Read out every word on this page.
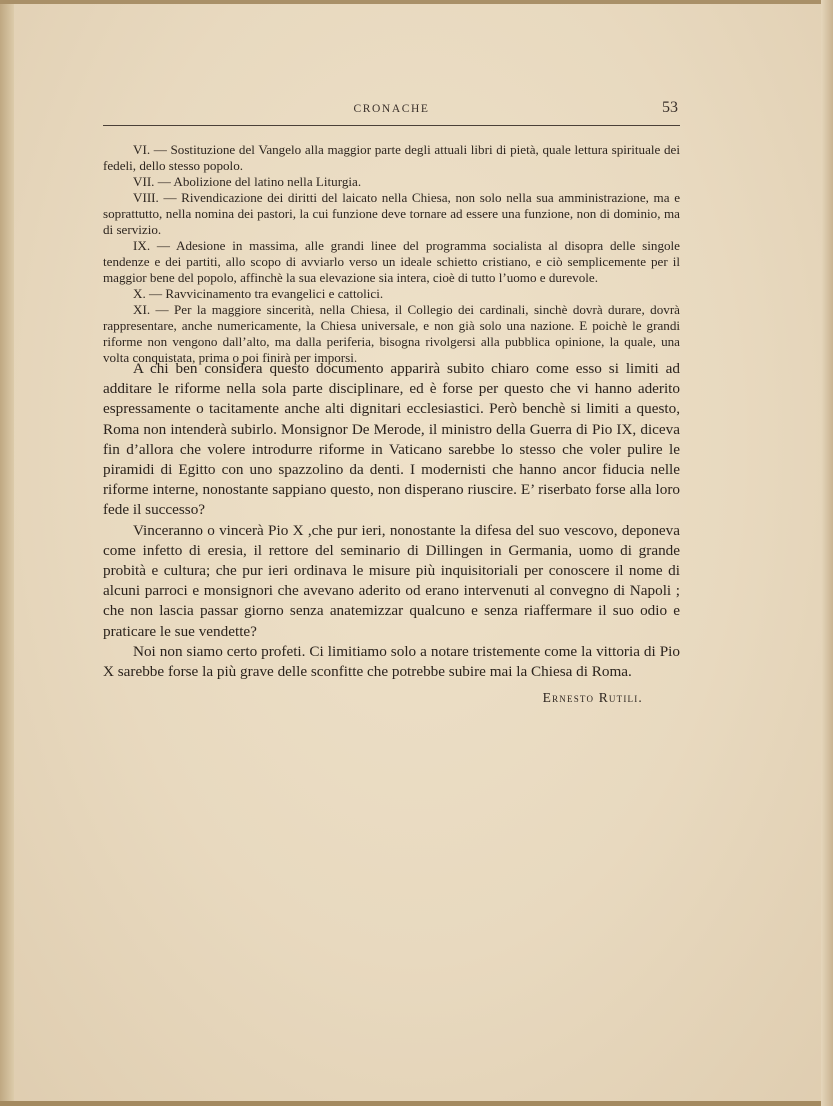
CRONACHE	53

VI. — Sostituzione del Vangelo alla maggior parte degli attuali libri di pietà, quale lettura spirituale dei fedeli, dello stesso popolo.

VII. — Abolizione del latino nella Liturgia.

VIII. — Rivendicazione dei diritti del laicato nella Chiesa, non solo nella sua amministrazione, ma e soprattutto, nella nomina dei pastori, la cui funzione deve tornare ad essere una funzione, non di dominio, ma di servizio.

IX. — Adesione in massima, alle grandi linee del programma socialista al disopra delle singole tendenze e dei partiti, allo scopo di avviarlo verso un ideale schietto cristiano, e ciò semplicemente per il maggior bene del popolo, affinchè la sua elevazione sia intera, cioè di tutto l’uomo e durevole.

X. — Ravvicinamento tra evangelici e cattolici.

XI. — Per la maggiore sincerità, nella Chiesa, il Collegio dei cardinali, sinchè dovrà durare, dovrà rappresentare, anche numericamente, la Chiesa universale, e non già solo una nazione. E poichè le grandi riforme non vengono dall’alto, ma dalla periferia, bisogna rivolgersi alla pubblica opinione, la quale, una volta conquistata, prima o poi finirà per imporsi.

A chi ben considera questo documento apparirà subito chiaro come esso si limiti ad additare le riforme nella sola parte disciplinare, ed è forse per questo che vi hanno aderito espressamente o tacitamente anche alti dignitari ecclesiastici. Però benchè si limiti a questo, Roma non intenderà subirlo. Monsignor De Merode, il ministro della Guerra di Pio IX, diceva fin d’allora che volere introdurre riforme in Vaticano sarebbe lo stesso che voler pulire le piramidi di Egitto con uno spazzolino da denti. I modernisti che hanno ancor fiducia nelle riforme interne, nonostante sappiano questo, non disperano riuscire. E’ riserbato forse alla loro fede il successo?

Vinceranno o vincerà Pio X ,che pur ieri, nonostante la difesa del suo vescovo, deponeva come infetto di eresia, il rettore del seminario di Dillingen in Germania, uomo di grande probità e cultura; che pur ieri ordinava le misure più inquisitoriali per conoscere il nome di alcuni parroci e monsignori che avevano aderito od erano intervenuti al convegno di Napoli ; che non lascia passar giorno senza anatemizzar qualcuno e senza riaffermare il suo odio e praticare le sue vendette?

Noi non siamo certo profeti. Ci limitiamo solo a notare tristemente come la vittoria di Pio X sarebbe forse la più grave delle sconfitte che potrebbe subire mai la Chiesa di Roma.

Ernesto Rutili.
